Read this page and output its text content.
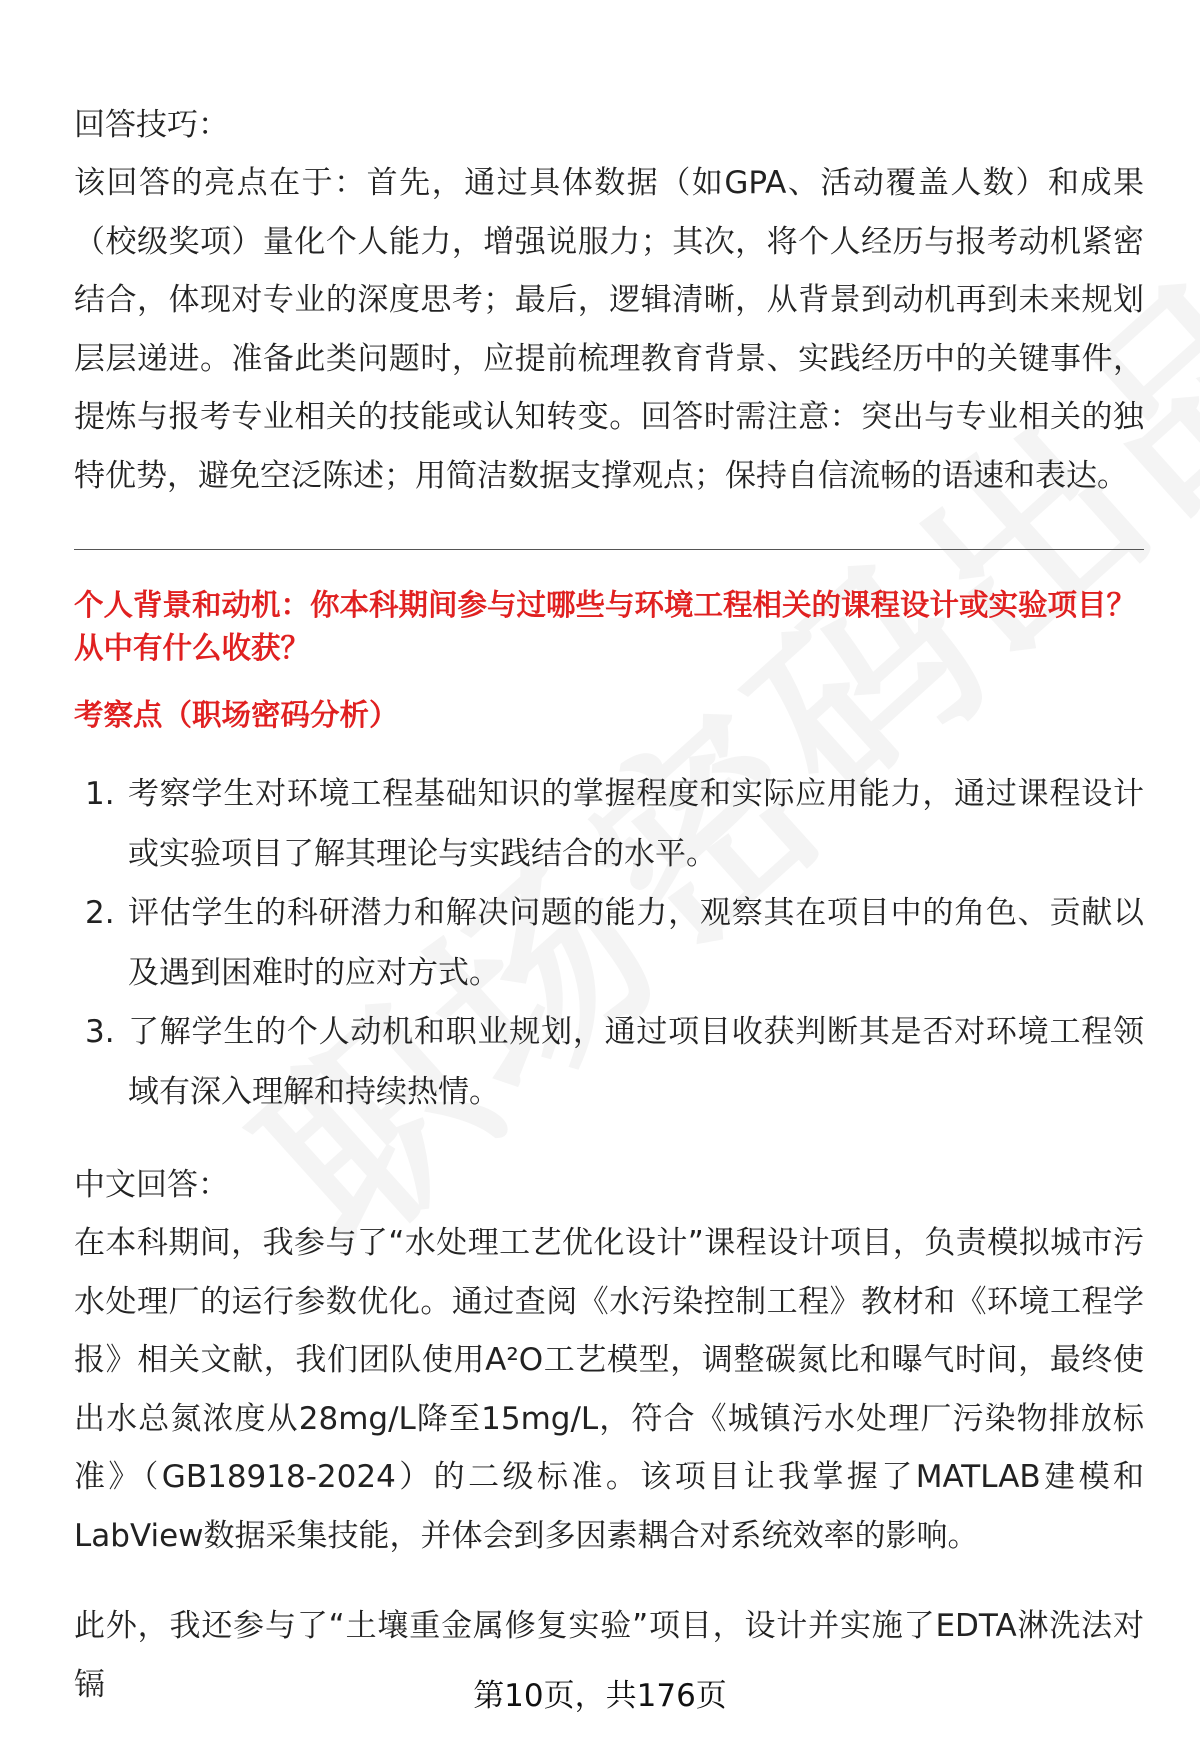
回答技巧：

该回答的亮点在于：首先，通过具体数据（如GPA、活动覆盖人数）和成果（校级奖项）量化个人能力，增强说服力；其次，将个人经历与报考动机紧密结合，体现对专业的深度思考；最后，逻辑清晰，从背景到动机再到未来规划层层递进。准备此类问题时，应提前梳理教育背景、实践经历中的关键事件，提炼与报考专业相关的技能或认知转变。回答时需注意：突出与专业相关的独特优势，避免空泛陈述；用简洁数据支撑观点；保持自信流畅的语速和表达。

个人背景和动机：你本科期间参与过哪些与环境工程相关的课程设计或实验项目？从中有什么收获？

考察点（职场密码分析）

1. 考察学生对环境工程基础知识的掌握程度和实际应用能力，通过课程设计或实验项目了解其理论与实践结合的水平。
2. 评估学生的科研潜力和解决问题的能力，观察其在项目中的角色、贡献以及遇到困难时的应对方式。
3. 了解学生的个人动机和职业规划，通过项目收获判断其是否对环境工程领域有深入理解和持续热情。

中文回答：

在本科期间，我参与了“水处理工艺优化设计”课程设计项目，负责模拟城市污水处理厂的运行参数优化。通过查阅《水污染控制工程》教材和《环境工程学报》相关文献，我们团队使用A²O工艺模型，调整碳氮比和曝气时间，最终使出水总氮浓度从28mg/L降至15mg/L，符合《城镇污水处理厂污染物排放标准》（GB18918-2024）的二级标准。该项目让我掌握了MATLAB建模和LabView数据采集技能，并体会到多因素耦合对系统效率的影响。

此外，我还参与了“土壤重金属修复实验”项目，设计并实施了EDTA淋洗法对镉	第10页，共176页
